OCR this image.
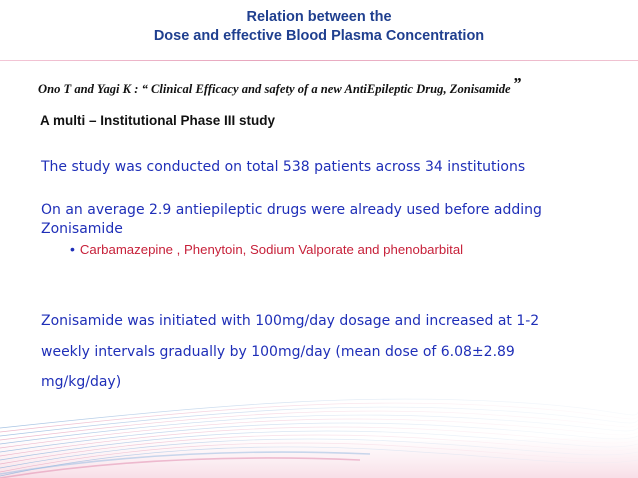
Relation between the
Dose and effective Blood Plasma Concentration
Ono T and Yagi K : “ Clinical Efficacy and safety of a new AntiEpileptic Drug, Zonisamide ”
A multi – Institutional Phase III study
The study was conducted on total 538 patients across 34 institutions
On an average 2.9 antiepileptic drugs were already used before adding
Zonisamide
• Carbamazepine , Phenytoin, Sodium Valporate and phenobarbital
Zonisamide was initiated with 100mg/day dosage and increased at 1-2
weekly intervals gradually by 100mg/day (mean dose of 6.08±2.89
mg/kg/day)
